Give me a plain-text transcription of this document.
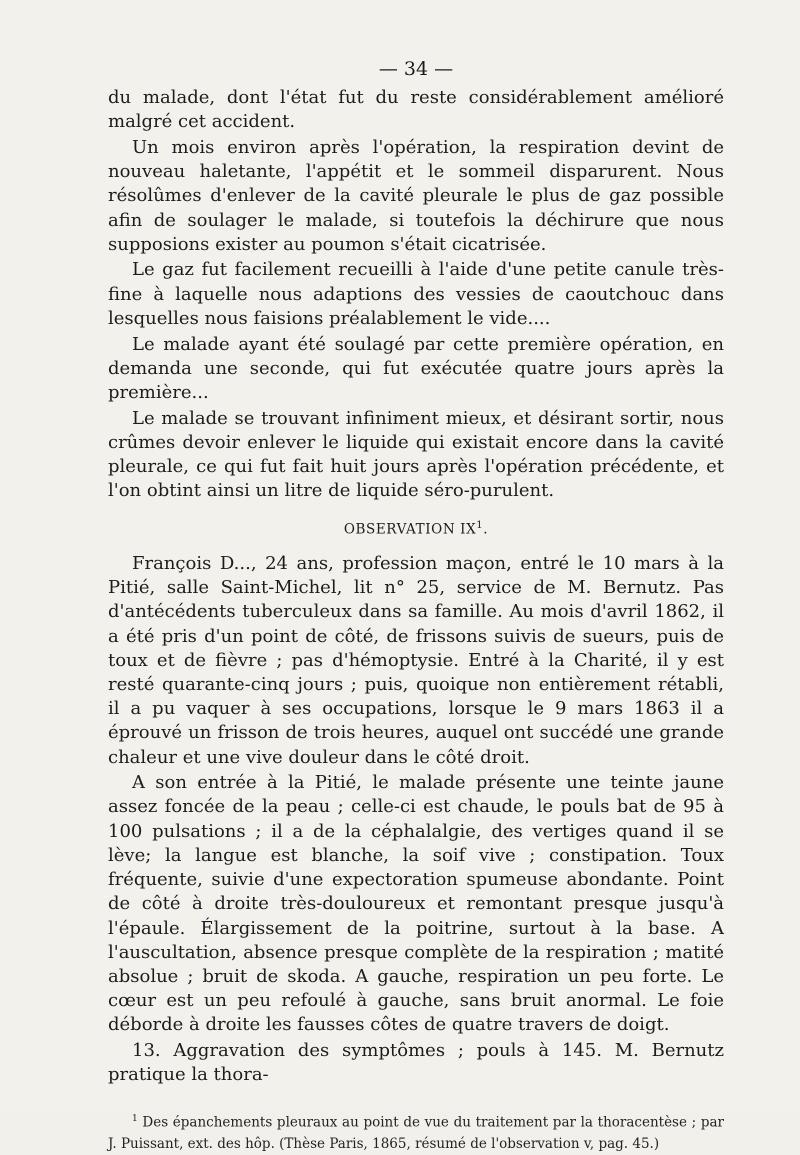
— 34 —

du malade, dont l'état fut du reste considérablement amélioré malgré cet accident.

Un mois environ après l'opération, la respiration devint de nouveau haletante, l'appétit et le sommeil disparurent. Nous résolûmes d'enlever de la cavité pleurale le plus de gaz possible afin de soulager le malade, si toutefois la déchirure que nous supposions exister au poumon s'était cicatrisée.

Le gaz fut facilement recueilli à l'aide d'une petite canule très-fine à laquelle nous adaptions des vessies de caoutchouc dans lesquelles nous faisions préalablement le vide....

Le malade ayant été soulagé par cette première opération, en demanda une seconde, qui fut exécutée quatre jours après la première...

Le malade se trouvant infiniment mieux, et désirant sortir, nous crûmes devoir enlever le liquide qui existait encore dans la cavité pleurale, ce qui fut fait huit jours après l'opération précédente, et l'on obtint ainsi un litre de liquide séro-purulent.

OBSERVATION $IX^1$.

François D..., 24 ans, profession maçon, entré le 10 mars à la Pitié, salle Saint-Michel, lit n° 25, service de M. Bernutz. Pas d'antécédents tuberculeux dans sa famille. Au mois d'avril 1862, il a été pris d'un point de côté, de frissons suivis de sueurs, puis de toux et de fièvre ; pas d'hémoptysie. Entré à la Charité, il y est resté quarante-cinq jours ; puis, quoique non entièrement rétabli, il a pu vaquer à ses occupations, lorsque le 9 mars 1863 il a éprouvé un frisson de trois heures, auquel ont succédé une grande chaleur et une vive douleur dans le côté droit.

A son entrée à la Pitié, le malade présente une teinte jaune assez foncée de la peau ; celle-ci est chaude, le pouls bat de 95 à 100 pulsations ; il a de la céphalalgie, des vertiges quand il se lève; la langue est blanche, la soif vive ; constipation. Toux fréquente, suivie d'une expectoration spumeuse abondante. Point de côté à droite très-douloureux et remontant presque jusqu'à l'épaule. Élargissement de la poitrine, surtout à la base. A l'auscultation, absence presque complète de la respiration ; matité absolue ; bruit de skoda. A gauche, respiration un peu forte. Le cœur est un peu refoulé à gauche, sans bruit anormal. Le foie déborde à droite les fausses côtes de quatre travers de doigt.

13. Aggravation des symptômes ; pouls à 145. M. Bernutz pratique la thora-

$^1$ Des épanchements pleuraux au point de vue du traitement par la thoracentèse ; par J. Puissant, ext. des hôp. (Thèse Paris, 1865, résumé de l'observation v, pag. 45.)
